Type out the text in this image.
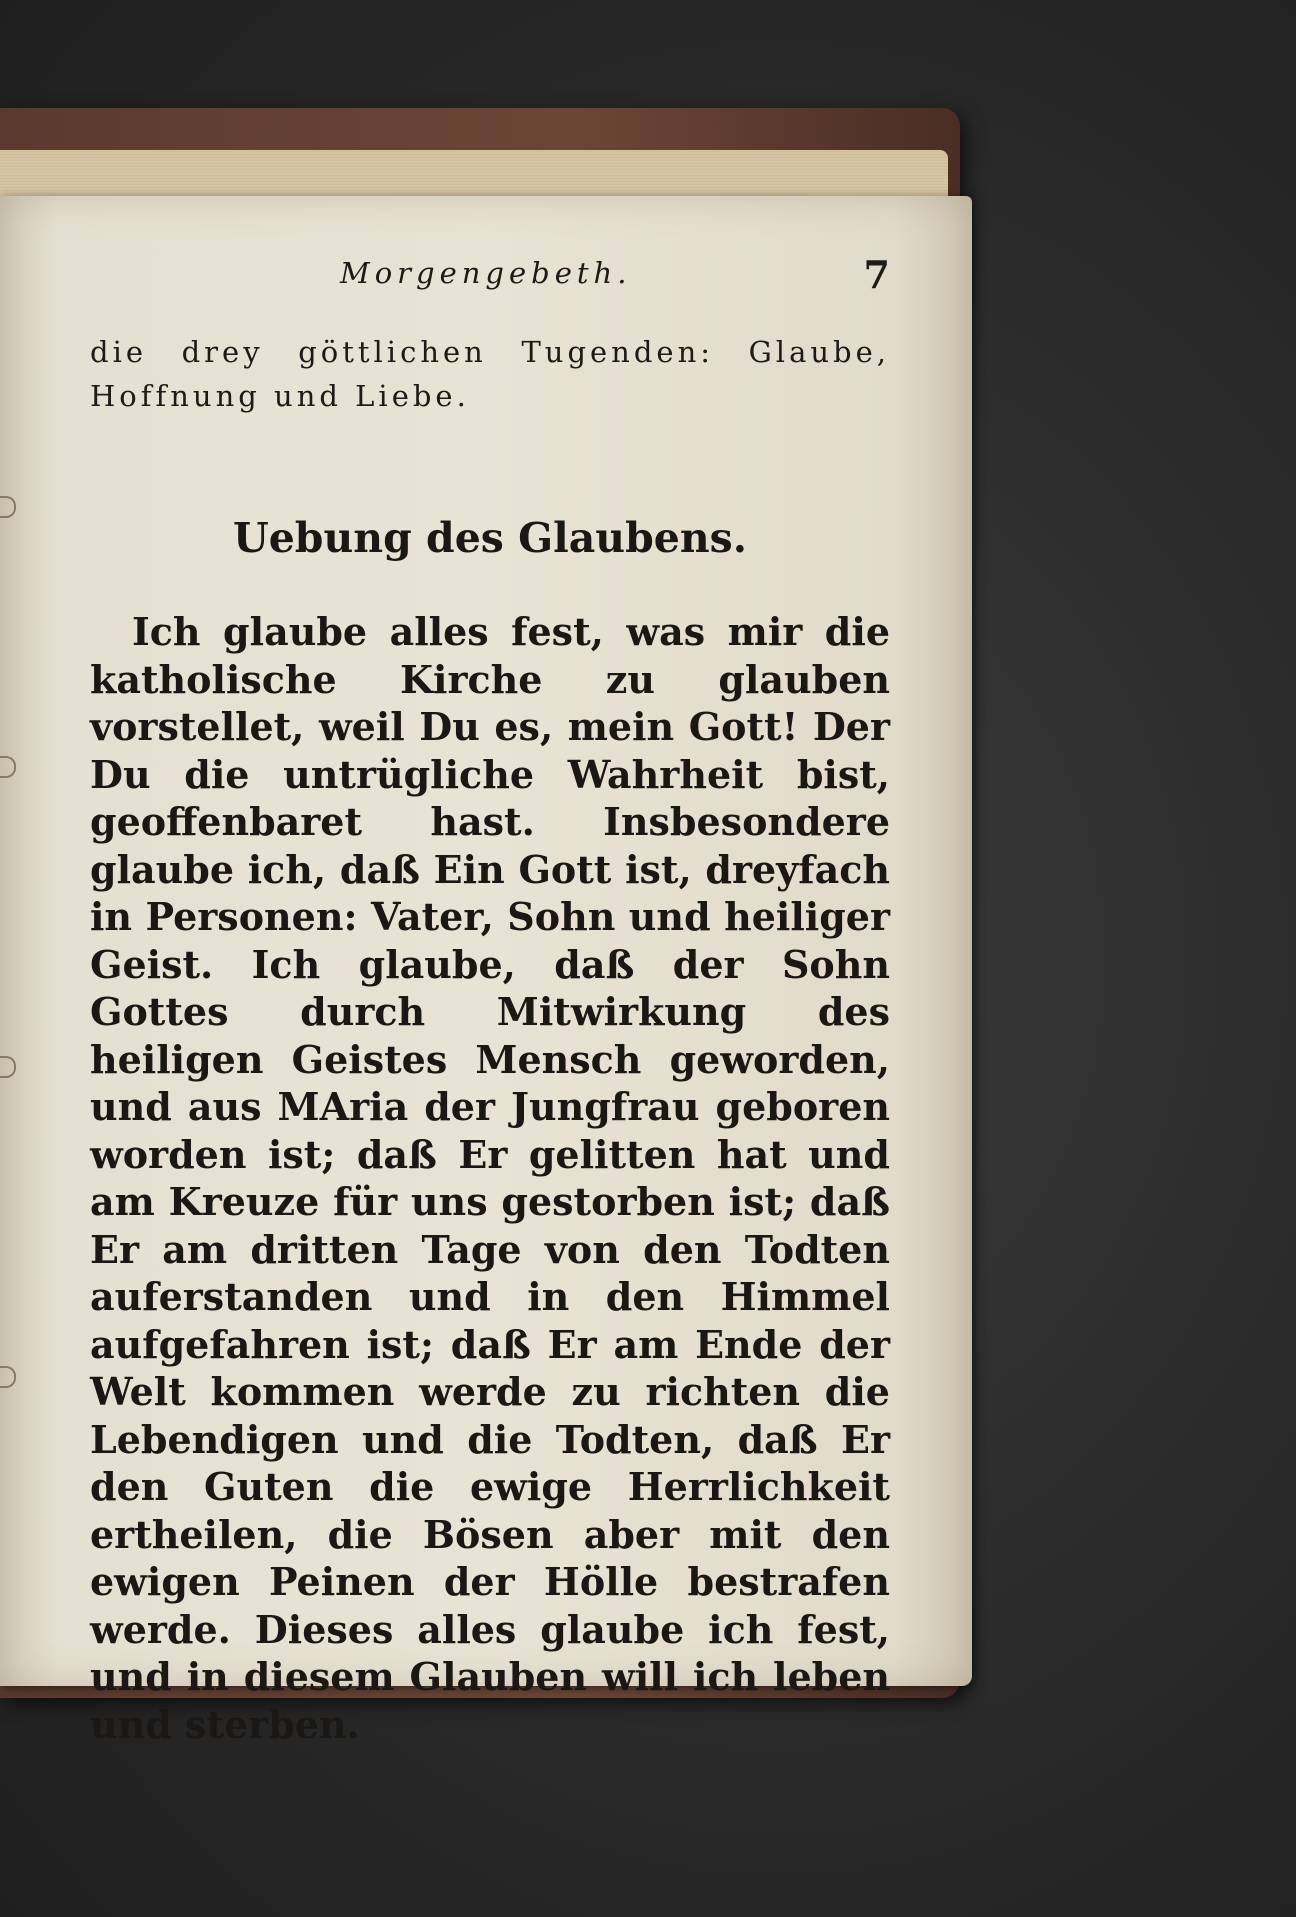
Morgengebeth.	7
die drey göttlichen Tugenden: Glaube, Hoffnung und Liebe.
Uebung des Glaubens.
Ich glaube alles fest, was mir die katholische Kirche zu glauben vorstellet, weil Du es, mein Gott! Der Du die untrügliche Wahrheit bist, geoffenbaret hast. Insbesondere glaube ich, daß Ein Gott ist, dreyfach in Personen: Vater, Sohn und heiliger Geist. Ich glaube, daß der Sohn Gottes durch Mitwirkung des heiligen Geistes Mensch geworden, und aus MAria der Jungfrau geboren worden ist; daß Er gelitten hat und am Kreuze für uns gestorben ist; daß Er am dritten Tage von den Todten auferstanden und in den Himmel aufgefahren ist; daß Er am Ende der Welt kommen werde zu richten die Lebendigen und die Todten, daß Er den Guten die ewige Herrlichkeit ertheilen, die Bösen aber mit den ewigen Peinen der Hölle bestrafen werde. Dieses alles glaube ich fest, und in diesem Glauben will ich leben und sterben.
